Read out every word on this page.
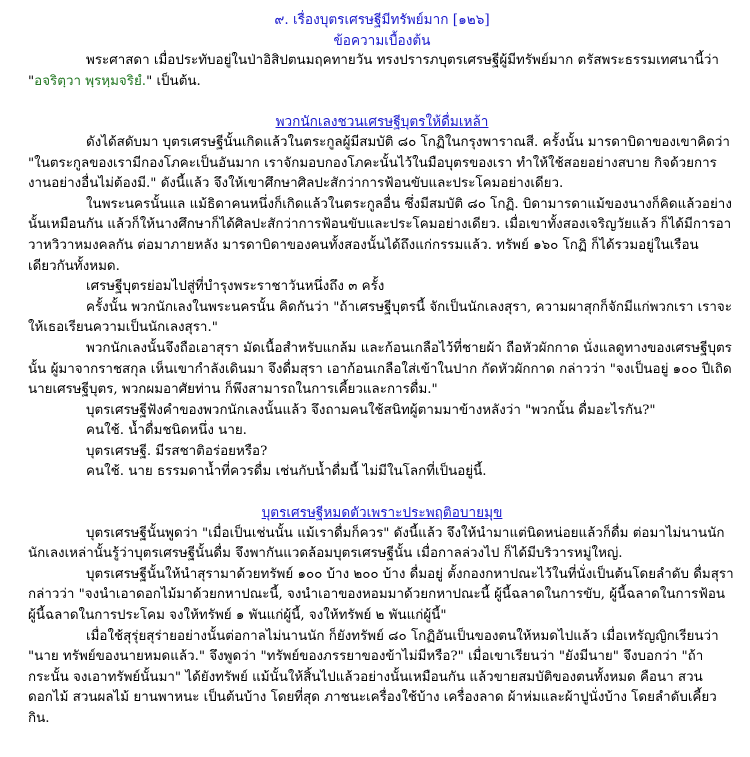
๙. เรื่องบุตรเศรษฐีมีทรัพย์มาก [๑๒๖]
ข้อความเบื้องต้น

พระศาสดา เมื่อประทับอยู่ในป่าอิสิปตนมฤคทายวัน ทรงปรารภบุตรเศรษฐีผู้มีทรัพย์มาก ตรัสพระธรรมเทศนานี้ว่า "อจริตฺวา พฺรหฺมจริยํ." เป็นต้น.

พวกนักเลงชวนเศรษฐีบุตรให้ดื่มเหล้า

ดังได้สดับมา บุตรเศรษฐีนั้นเกิดแล้วในตระกูลผู้มีสมบัติ ๘๐ โกฏิในกรุงพาราณสี. ครั้งนั้น มารดาบิดาของเขาคิดว่า "ในตระกูลของเรามีกองโภคะเป็นอันมาก เราจักมอบกองโภคะนั้นไว้ในมือบุตรของเรา ทำให้ใช้สอยอย่างสบาย กิจด้วยการงานอย่างอื่นไม่ต้องมี." ดังนี้แล้ว จึงให้เขาศึกษาศิลปะสักว่าการฟ้อนขับและประโคมอย่างเดียว.

ในพระนครนั้นแล แม้ธิดาคนหนึ่งก็เกิดแล้วในตระกูลอื่น ซึ่งมีสมบัติ ๘๐ โกฏิ. บิดามารดาแม้ของนางก็คิดแล้วอย่างนั้นเหมือนกัน แล้วก็ให้นางศึกษาก็ได้ศิลปะสักว่าการฟ้อนขับและประโคมอย่างเดียว. เมื่อเขาทั้งสองเจริญวัยแล้ว ก็ได้มีการอาวาหวิวาหมงคลกัน ต่อมาภายหลัง มารดาบิดาของคนทั้งสองนั้นได้ถึงแก่กรรมแล้ว. ทรัพย์ ๑๖๐ โกฏิ ก็ได้รวมอยู่ในเรือนเดียวกันทั้งหมด.

เศรษฐีบุตรย่อมไปสู่ที่บำรุงพระราชาวันหนึ่งถึง ๓ ครั้ง

ครั้งนั้น พวกนักเลงในพระนครนั้น คิดกันว่า "ถ้าเศรษฐีบุตรนี้ จักเป็นนักเลงสุรา, ความผาสุกก็จักมีแก่พวกเรา เราจะให้เธอเรียนความเป็นนักเลงสุรา."

พวกนักเลงนั้นจึงถือเอาสุรา มัดเนื้อสำหรับแกล้ม และก้อนเกลือไว้ที่ชายผ้า ถือหัวผักกาด นั่งแลดูทางของเศรษฐีบุตรนั้น ผู้มาจากราชสกุล เห็นเขากำลังเดินมา จึงดื่มสุรา เอาก้อนเกลือใส่เข้าในปาก กัดหัวผักกาด กล่าวว่า "จงเป็นอยู่ ๑๐๐ ปีเถิด นายเศรษฐีบุตร, พวกผมอาศัยท่าน ก็พึงสามารถในการเคี้ยวและการดื่ม."

บุตรเศรษฐีฟังคำของพวกนักเลงนั้นแล้ว จึงถามคนใช้สนิทผู้ตามมาข้างหลังว่า "พวกนั้น ดื่มอะไรกัน?"

คนใช้. น้ำดื่มชนิดหนึ่ง นาย.

บุตรเศรษฐี. มีรสชาติอร่อยหรือ?

คนใช้. นาย ธรรมดาน้ำที่ควรดื่ม เช่นกับน้ำดื่มนี้ ไม่มีในโลกที่เป็นอยู่นี้.

บุตรเศรษฐีหมดตัวเพราะประพฤติอบายมุข

บุตรเศรษฐีนั้นพูดว่า "เมื่อเป็นเช่นนั้น แม้เราดื่มก็ควร" ดังนี้แล้ว จึงให้นำมาแต่นิดหน่อยแล้วก็ดื่ม ต่อมาไม่นานนัก นักเลงเหล่านั้นรู้ว่าบุตรเศรษฐีนั้นดื่ม จึงพากันแวดล้อมบุตรเศรษฐีนั้น เมื่อกาลล่วงไป ก็ได้มีบริวารหมู่ใหญ่.

บุตรเศรษฐีนั้นให้นำสุรามาด้วยทรัพย์ ๑๐๐ บ้าง ๒๐๐ บ้าง ดื่มอยู่ ตั้งกองกหาปณะไว้ในที่นั่งเป็นต้นโดยลำดับ ดื่มสุรา กล่าวว่า "จงนำเอาดอกไม้มาด้วยกหาปณะนี้, จงนำเอาของหอมมาด้วยกหาปณะนี้ ผู้นี้ฉลาดในการขับ, ผู้นี้ฉลาดในการฟ้อน ผู้นี้ฉลาดในการประโคม จงให้ทรัพย์ ๑ พันแก่ผู้นี้, จงให้ทรัพย์ ๒ พันแก่ผู้นี้"

เมื่อใช้สุรุ่ยสุร่ายอย่างนั้นต่อกาลไม่นานนัก ก็ยังทรัพย์ ๘๐ โกฏิอันเป็นของตนให้หมดไปแล้ว เมื่อเหรัญญิกเรียนว่า "นาย ทรัพย์ของนายหมดแล้ว." จึงพูดว่า "ทรัพย์ของภรรยาของข้าไม่มีหรือ?" เมื่อเขาเรียนว่า "ยังมีนาย" จึงบอกว่า "ถ้ากระนั้น จงเอาทรัพย์นั้นมา" ได้ยังทรัพย์ แม้นั้นให้สิ้นไปแล้วอย่างนั้นเหมือนกัน แล้วขายสมบัติของตนทั้งหมด คือนา สวนดอกไม้ สวนผลไม้ ยานพาหนะ เป็นต้นบ้าง โดยที่สุด ภาชนะเครื่องใช้บ้าง เครื่องลาด ผ้าห่มและผ้าปูนั่งบ้าง โดยลำดับเคี้ยวกิน.
